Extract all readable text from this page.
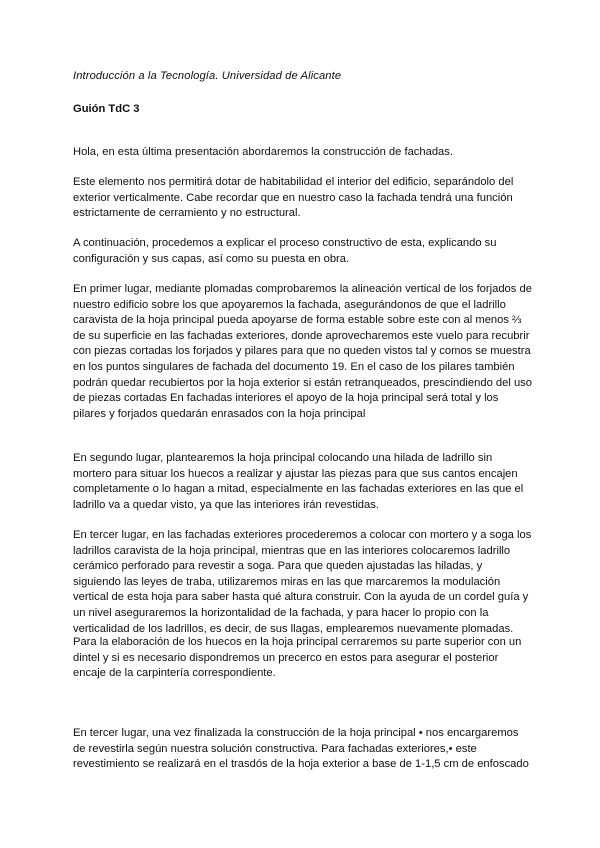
Introducción a la Tecnología. Universidad de Alicante
Guión TdC 3
Hola, en esta última presentación abordaremos la construcción de fachadas.
Este elemento nos permitirá dotar de habitabilidad el interior del edificio, separándolo del
exterior verticalmente. Cabe recordar que en nuestro caso la fachada tendrá una función
estrictamente de cerramiento y no estructural.
A continuación, procedemos a explicar el proceso constructivo de esta, explicando su
configuración y sus capas, así como su puesta en obra.
En primer lugar, mediante plomadas comprobaremos la alineación vertical de los forjados de
nuestro edificio sobre los que apoyaremos la fachada, asegurándonos de que el ladrillo
caravista de la hoja principal pueda apoyarse de forma estable sobre este con al menos ⅔
de su superficie en las fachadas exteriores, donde aprovecharemos este vuelo para recubrir
con piezas cortadas los forjados y pilares para que no queden vistos tal y comos se muestra
en los puntos singulares de fachada del documento 19. En el caso de los pilares también
podrán quedar recubiertos por la hoja exterior si están retranqueados, prescindiendo del uso
de piezas cortadas En fachadas interiores el apoyo de la hoja principal será total y los
pilares y forjados quedarán enrasados con la hoja principal
En segundo lugar, plantearemos la hoja principal colocando una hilada de ladrillo sin
mortero para situar los huecos a realizar y ajustar las piezas para que sus cantos encajen
completamente o lo hagan a mitad, especialmente en las fachadas exteriores en las que el
ladrillo va a quedar visto, ya que las interiores irán revestidas.
En tercer lugar, en las fachadas exteriores procederemos a colocar con mortero y a soga los
ladrillos caravista de la hoja principal, mientras que en las interiores colocaremos ladrillo
cerámico perforado para revestir a soga. Para que queden ajustadas las hiladas, y
siguiendo las leyes de traba, utilizaremos miras en las que marcaremos la modulación
vertical de esta hoja para saber hasta qué altura construir. Con la ayuda de un cordel guía y
un nivel aseguraremos la horizontalidad de la fachada, y para hacer lo propio con la
verticalidad de los ladrillos, es decir, de sus llagas, emplearemos nuevamente plomadas.
Para la elaboración de los huecos en la hoja principal cerraremos su parte superior con un
dintel y si es necesario dispondremos un precerco en estos para asegurar el posterior
encaje de la carpintería correspondiente.
En tercer lugar, una vez finalizada la construcción de la hoja principal • nos encargaremos
de revestirla según nuestra solución constructiva. Para fachadas exteriores,• este
revestimiento se realizará en el trasdós de la hoja exterior a base de 1-1,5 cm de enfoscado
